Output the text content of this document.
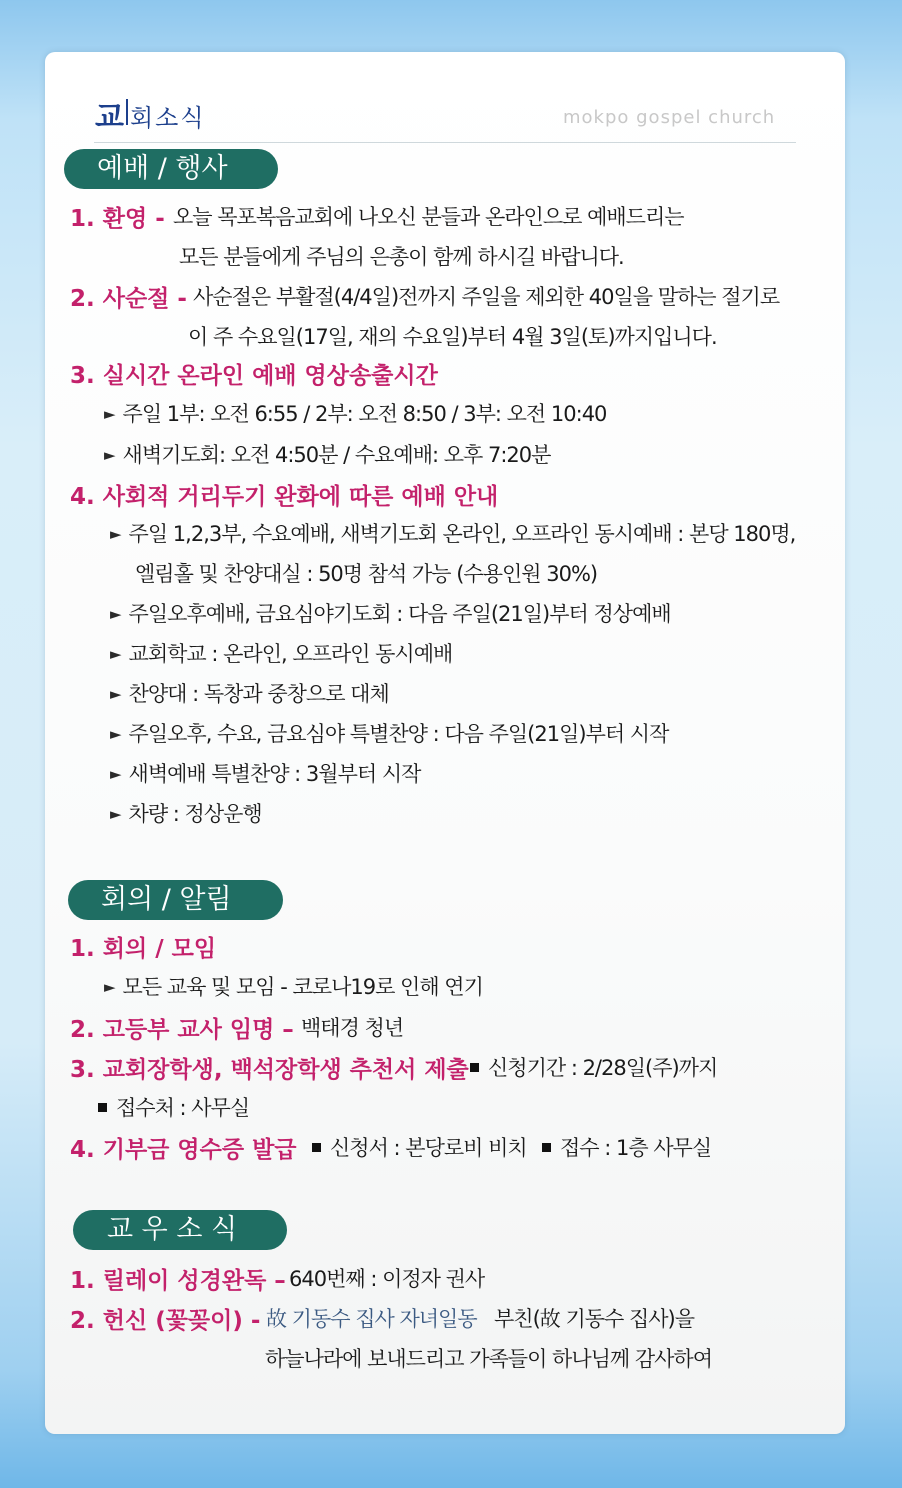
교 회소식	mokpo gospel church
예배 / 행사
1. 환영 - 오늘 목포복음교회에 나오신 분들과 온라인으로 예배드리는
모든 분들에게 주님의 은총이 함께 하시길 바랍니다.
2. 사순절 - 사순절은 부활절(4/4일)전까지 주일을 제외한 40일을 말하는 절기로
이 주 수요일(17일, 재의 수요일)부터 4월 3일(토)까지입니다.
3. 실시간 온라인 예배 영상송출시간
► 주일 1부: 오전 6:55 / 2부: 오전 8:50 / 3부: 오전 10:40
► 새벽기도회: 오전 4:50분 / 수요예배: 오후 7:20분
4. 사회적 거리두기 완화에 따른 예배 안내
► 주일 1,2,3부, 수요예배, 새벽기도회 온라인, 오프라인 동시예배 : 본당 180명,
엘림홀 및 찬양대실 : 50명 참석 가능 (수용인원 30%)
► 주일오후예배, 금요심야기도회 : 다음 주일(21일)부터 정상예배
► 교회학교 : 온라인, 오프라인 동시예배
► 찬양대 : 독창과 중창으로 대체
► 주일오후, 수요, 금요심야 특별찬양 : 다음 주일(21일)부터 시작
► 새벽예배 특별찬양 : 3월부터 시작
► 차량 : 정상운행
회의 / 알림
1. 회의 / 모임
► 모든 교육 및 모임 - 코로나19로 인해 연기
2. 고등부 교사 임명 – 백태경 청년
3. 교회장학생, 백석장학생 추천서 제출 신청기간 : 2/28일(주)까지
접수처 : 사무실
4. 기부금 영수증 발급	신청서 : 본당로비 비치	접수 : 1층 사무실
교 우 소 식
1. 릴레이 성경완독 – 640번째 : 이정자 권사
2. 헌신 (꽃꽂이) - 故 기동수 집사 자녀일동 부친(故 기동수 집사)을
하늘나라에 보내드리고 가족들이 하나님께 감사하여
